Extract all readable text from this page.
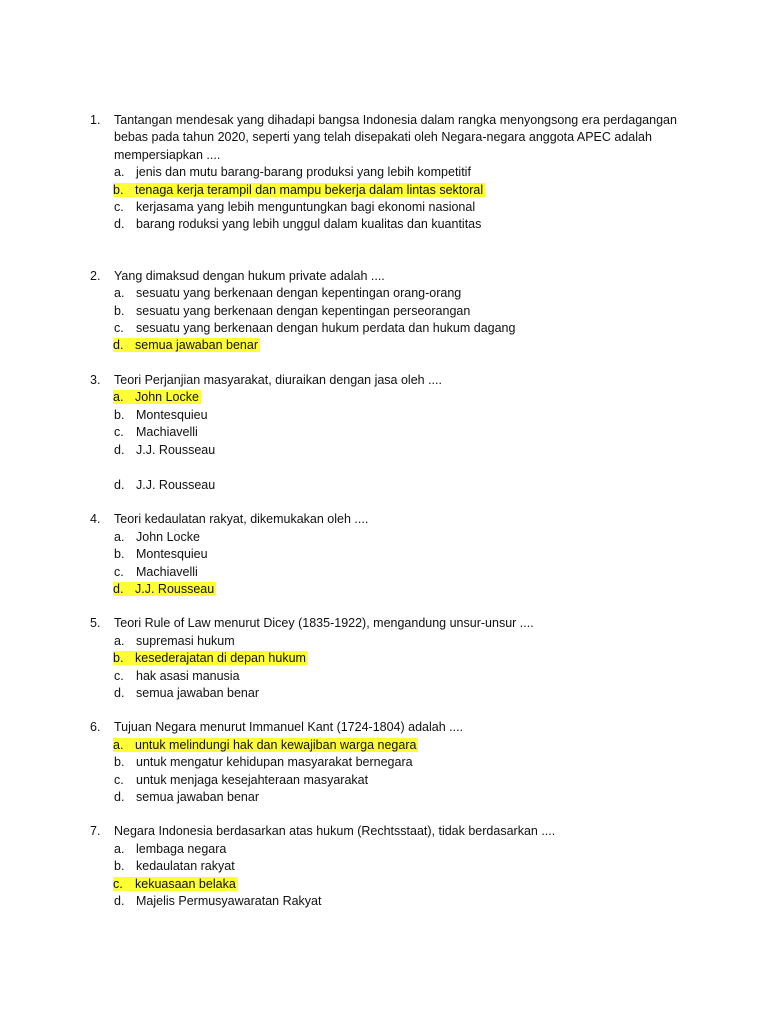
1. Tantangan mendesak yang dihadapi bangsa Indonesia dalam rangka menyongsong era perdagangan bebas pada tahun 2020, seperti yang telah disepakati oleh Negara-negara anggota APEC adalah mempersiapkan ....
a. jenis dan mutu barang-barang produksi yang lebih kompetitif
b. tenaga kerja terampil dan mampu bekerja dalam lintas sektoral
c. kerjasama yang lebih menguntungkan bagi ekonomi nasional
d. barang roduksi yang lebih unggul dalam kualitas dan kuantitas
2. Yang dimaksud dengan hukum private adalah ....
a. sesuatu yang berkenaan dengan kepentingan orang-orang
b. sesuatu yang berkenaan dengan kepentingan perseorangan
c. sesuatu yang berkenaan dengan hukum perdata dan hukum dagang
d. semua jawaban benar
3. Teori Perjanjian masyarakat, diuraikan dengan jasa oleh ....
a. John Locke
b. Montesquieu
c. Machiavelli
d. J.J. Rousseau
d. J.J. Rousseau
4. Teori kedaulatan rakyat, dikemukakan oleh ....
a. John Locke
b. Montesquieu
c. Machiavelli
d. J.J. Rousseau
5. Teori Rule of Law menurut Dicey (1835-1922), mengandung unsur-unsur ....
a. supremasi hukum
b. kesederajatan di depan hukum
c. hak asasi manusia
d. semua jawaban benar
6. Tujuan Negara menurut Immanuel Kant (1724-1804) adalah ....
a. untuk melindungi hak dan kewajiban warga negara
b. untuk mengatur kehidupan masyarakat bernegara
c. untuk menjaga kesejahteraan masyarakat
d. semua jawaban benar
7. Negara Indonesia berdasarkan atas hukum (Rechtsstaat), tidak berdasarkan ....
a. lembaga negara
b. kedaulatan rakyat
c. kekuasaan belaka
d. Majelis Permusyawaratan Rakyat
